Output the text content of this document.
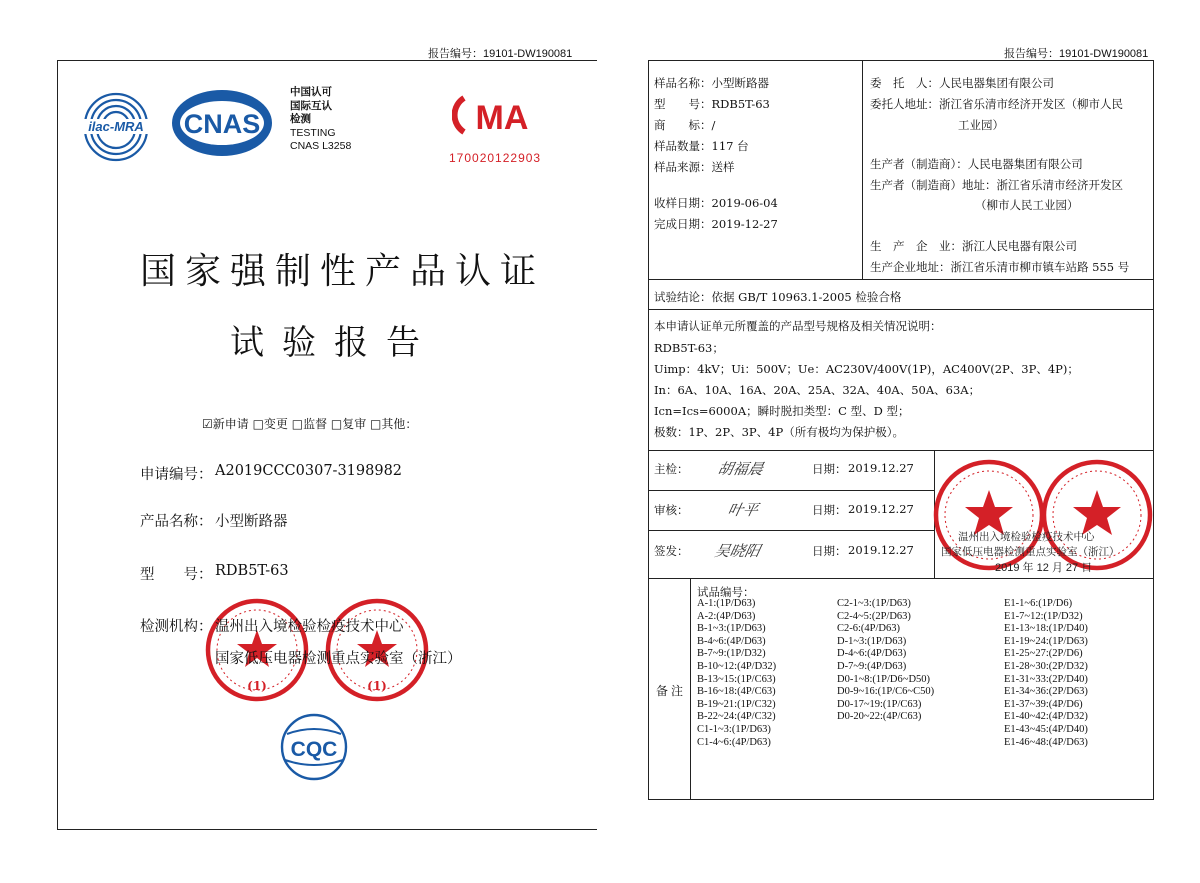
报告编号：19101-DW190081
ilac-MRA CNAS
中国认可
国际互认
检测
TESTING
CNAS L3258
MA
170020122903
国家强制性产品认证
试验报告
☑新申请 □变更 □监督 □复审 □其他：
申请编号： A2019CCC0307-3198982
产品名称： 小型断路器
型　　号： RDB5T-63
(1)	(1)
检测机构： 温州出入境检验检疫技术中心
国家低压电器检测重点实验室（浙江）
CQC
报告编号：19101-DW190081
样品名称：小型断路器
型　　号：RDB5T-63
商　　标：/
样品数量：117 台
样品来源：送样
收样日期：2019-06-04
完成日期：2019-12-27
委　托　人：人民电器集团有限公司
委托人地址：浙江省乐清市经济开发区（柳市人民
工业园）
生产者（制造商）：人民电器集团有限公司
生产者（制造商）地址：浙江省乐清市经济开发区
（柳市人民工业园）
生　产　企　业：浙江人民电器有限公司
生产企业地址：浙江省乐清市柳市镇车站路 555 号
试验结论：依据 GB/T 10963.1-2005 检验合格
本申请认证单元所覆盖的产品型号规格及相关情况说明：
RDB5T-63；
Uimp：4kV；Ui：500V；Ue：AC230V/400V(1P)，AC400V(2P、3P、4P)；
In：6A、10A、16A、20A、25A、32A、40A、50A、63A；
Icn=Ics=6000A；瞬时脱扣类型：C 型、D 型；
极数：1P、2P、3P、4P（所有极均为保护极）。
主检： 胡福晨	日期： 2019.12.27
审核： 叶平	日期： 2019.12.27
签发： 吴晓阳	日期： 2019.12.27
温州出入境检验检疫技术中心
国家低压电器检测重点实验室（浙江）
2019 年 12 月 27 日
备注
试品编号：
A-1:(1P/D63)
A-2:(4P/D63)
B-1~3:(1P/D63)
B-4~6:(4P/D63)
B-7~9:(1P/D32)
B-10~12:(4P/D32)
B-13~15:(1P/C63)
B-16~18:(4P/C63)
B-19~21:(1P/C32)
B-22~24:(4P/C32)
C1-1~3:(1P/D63)
C1-4~6:(4P/D63)
C2-1~3:(1P/D63)
C2-4~5:(2P/D63)
C2-6:(4P/D63)
D-1~3:(1P/D63)
D-4~6:(4P/D63)
D-7~9:(4P/D63)
D0-1~8:(1P/D6~D50)
D0-9~16:(1P/C6~C50)
D0-17~19:(1P/C63)
D0-20~22:(4P/C63)
E1-1~6:(1P/D6)
E1-7~12:(1P/D32)
E1-13~18:(1P/D40)
E1-19~24:(1P/D63)
E1-25~27:(2P/D6)
E1-28~30:(2P/D32)
E1-31~33:(2P/D40)
E1-34~36:(2P/D63)
E1-37~39:(4P/D6)
E1-40~42:(4P/D32)
E1-43~45:(4P/D40)
E1-46~48:(4P/D63)
